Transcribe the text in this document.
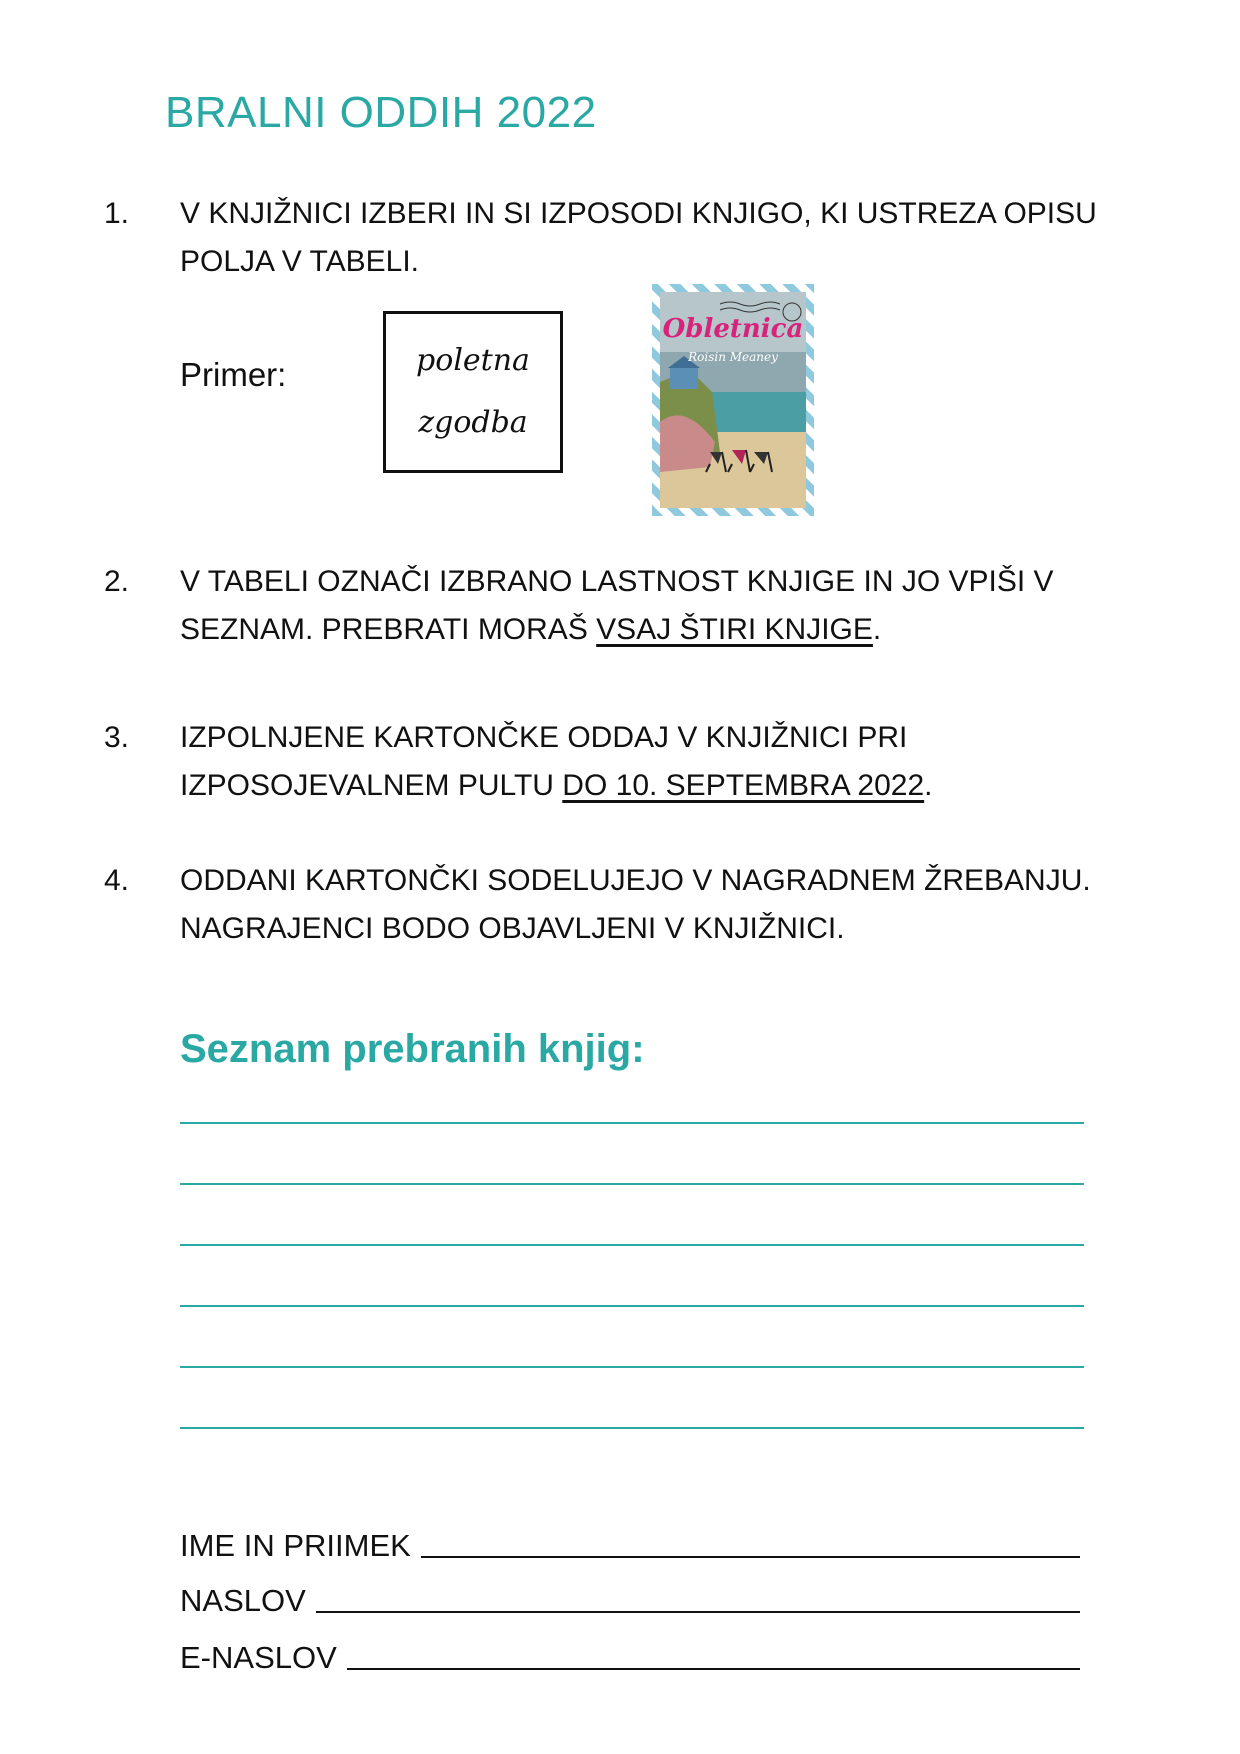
BRALNI ODDIH 2022
1. V KNJIŽNICI IZBERI IN SI IZPOSODI KNJIGO, KI USTREZA OPISU POLJA V TABELI.
Primer:	poletna
zgodba
Obletnica
Roisin Meaney
2. V TABELI OZNAČI IZBRANO LASTNOST KNJIGE IN JO VPIŠI V SEZNAM. PREBRATI MORAŠ VSAJ ŠTIRI KNJIGE.
3. IZPOLNJENE KARTONČKE ODDAJ V KNJIŽNICI PRI IZPOSOJEVALNEM PULTU DO 10. SEPTEMBRA 2022.
4. ODDANI KARTONČKI SODELUJEJO V NAGRADNEM ŽREBANJU. NAGRAJENCI BODO OBJAVLJENI V KNJIŽNICI.
Seznam prebranih knjig:
IME IN PRIIMEK
NASLOV
E-NASLOV
